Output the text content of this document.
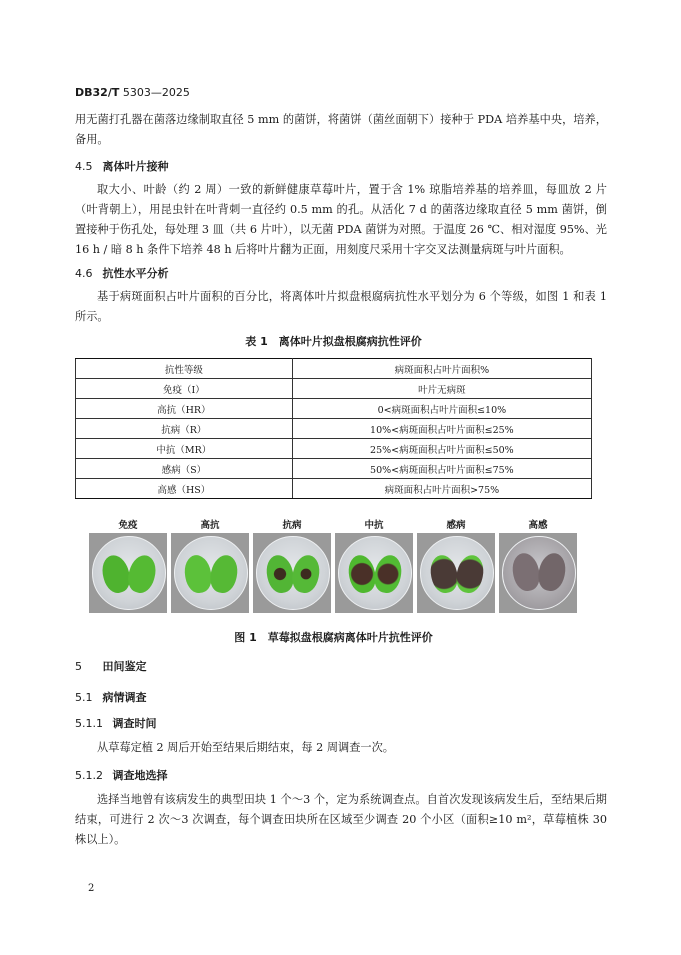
DB32/T 5303—2025
用无菌打孔器在菌落边缘制取直径 5 mm 的菌饼，将菌饼（菌丝面朝下）接种于 PDA 培养基中央，培养，备用。
4.5 离体叶片接种
取大小、叶龄（约 2 周）一致的新鲜健康草莓叶片，置于含 1% 琼脂培养基的培养皿，每皿放 2 片（叶背朝上），用昆虫针在叶背刺一直径约 0.5 mm 的孔。从活化 7 d 的菌落边缘取直径 5 mm 菌饼，倒置接种于伤孔处，每处理 3 皿（共 6 片叶），以无菌 PDA 菌饼为对照。于温度 26 ℃、相对湿度 95%、光 16 h / 暗 8 h 条件下培养 48 h 后将叶片翻为正面，用刻度尺采用十字交叉法测量病斑与叶片面积。
4.6 抗性水平分析
基于病斑面积占叶片面积的百分比，将离体叶片拟盘根腐病抗性水平划分为 6 个等级，如图 1 和表 1 所示。
表 1　离体叶片拟盘根腐病抗性评价
抗性等级	病斑面积占叶片面积%
免疫（I）	叶片无病斑
高抗（HR）	0<病斑面积占叶片面积≤10%
抗病（R）	10%<病斑面积占叶片面积≤25%
中抗（MR）	25%<病斑面积占叶片面积≤50%
感病（S）	50%<病斑面积占叶片面积≤75%
高感（HS）	病斑面积占叶片面积>75%
免疫	高抗	抗病	中抗	感病	高感
图 1　草莓拟盘根腐病离体叶片抗性评价
5 田间鉴定
5.1 病情调查
5.1.1 调查时间
从草莓定植 2 周后开始至结果后期结束，每 2 周调查一次。
5.1.2 调查地选择
选择当地曾有该病发生的典型田块 1 个～3 个，定为系统调查点。自首次发现该病发生后，至结果后期结束，可进行 2 次～3 次调查，每个调查田块所在区域至少调查 20 个小区（面积≥10 m²，草莓植株 30 株以上）。
2
